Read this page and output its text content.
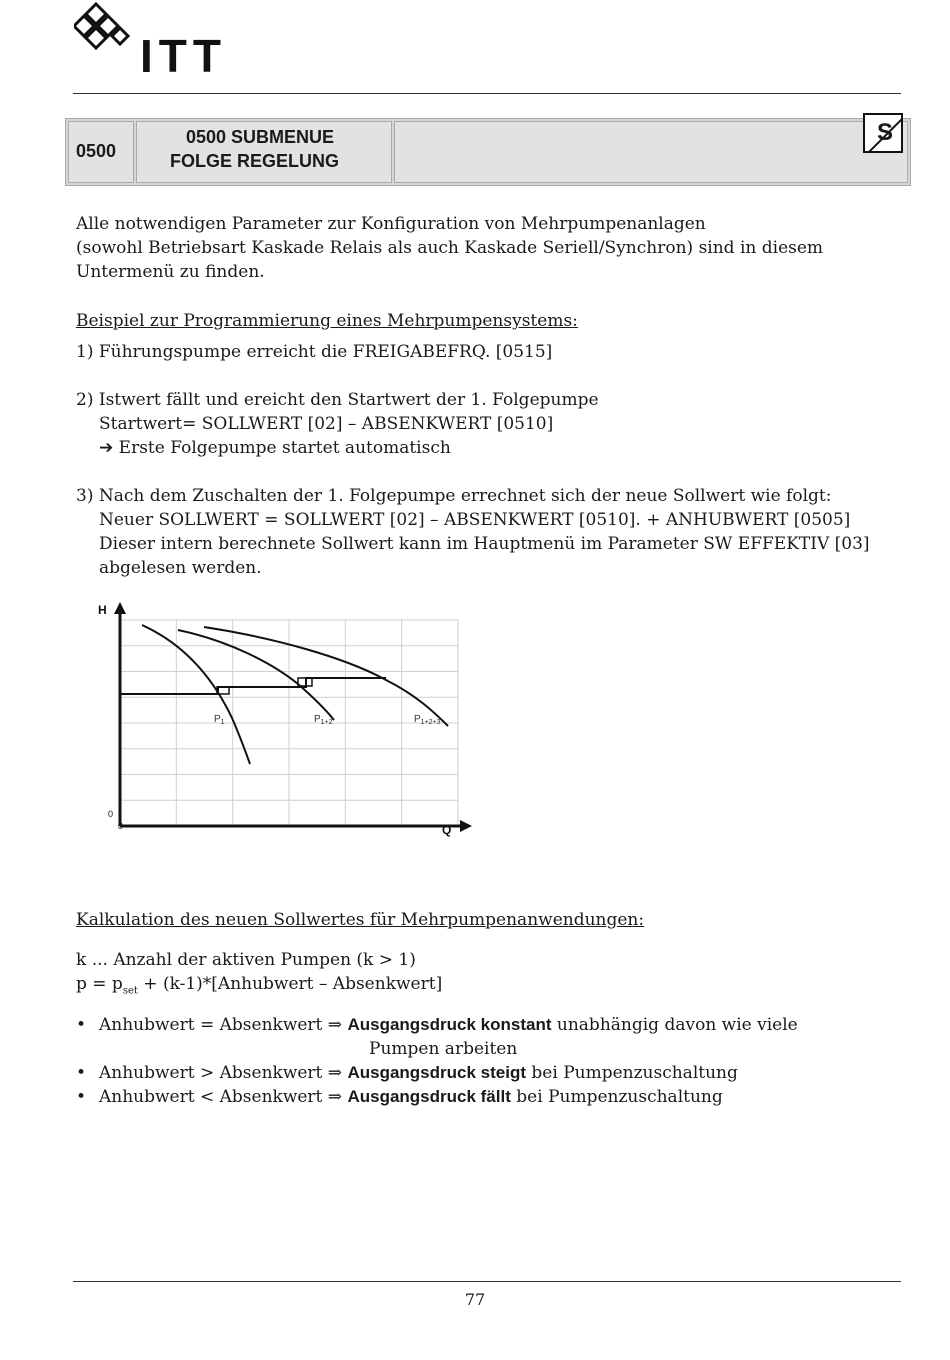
ITT
0500
0500 SUBMENUE
FOLGE REGELUNG
S
Alle notwendigen Parameter zur Konfiguration von Mehrpumpenanlagen
(sowohl Betriebsart Kaskade Relais als auch Kaskade Seriell/Synchron) sind in diesem
Untermenü zu finden.
Beispiel zur Programmierung eines Mehrpumpensystems:
1) Führungspumpe erreicht die FREIGABEFRQ. [0515]
2) Istwert fällt und ereicht den Startwert der 1. Folgepumpe
Startwert= SOLLWERT [02] – ABSENKWERT [0510]
➔ Erste Folgepumpe startet automatisch
3) Nach dem Zuschalten der 1. Folgepumpe errechnet sich der neue Sollwert wie folgt:
Neuer SOLLWERT = SOLLWERT [02] – ABSENKWERT [0510]. + ANHUBWERT [0505]
Dieser intern berechnete Sollwert kann im Hauptmenü im Parameter SW EFFEKTIV [03]
abgelesen werden.
H
Q
0
0
$P_1$	$P_{1+2}$	$P_{1+2+3}$
Kalkulation des neuen Sollwertes für Mehrpumpenanwendungen:
k ... Anzahl der aktiven Pumpen (k > 1)
$p = p_{set}$ + (k-1)*[Anhubwert – Absenkwert]
• Anhubwert = Absenkwert ⇒ Ausgangsdruck konstant unabhängig davon wie viele
Pumpen arbeiten
• Anhubwert > Absenkwert ⇒ Ausgangsdruck steigt bei Pumpenzuschaltung
• Anhubwert < Absenkwert ⇒ Ausgangsdruck fällt bei Pumpenzuschaltung
77
